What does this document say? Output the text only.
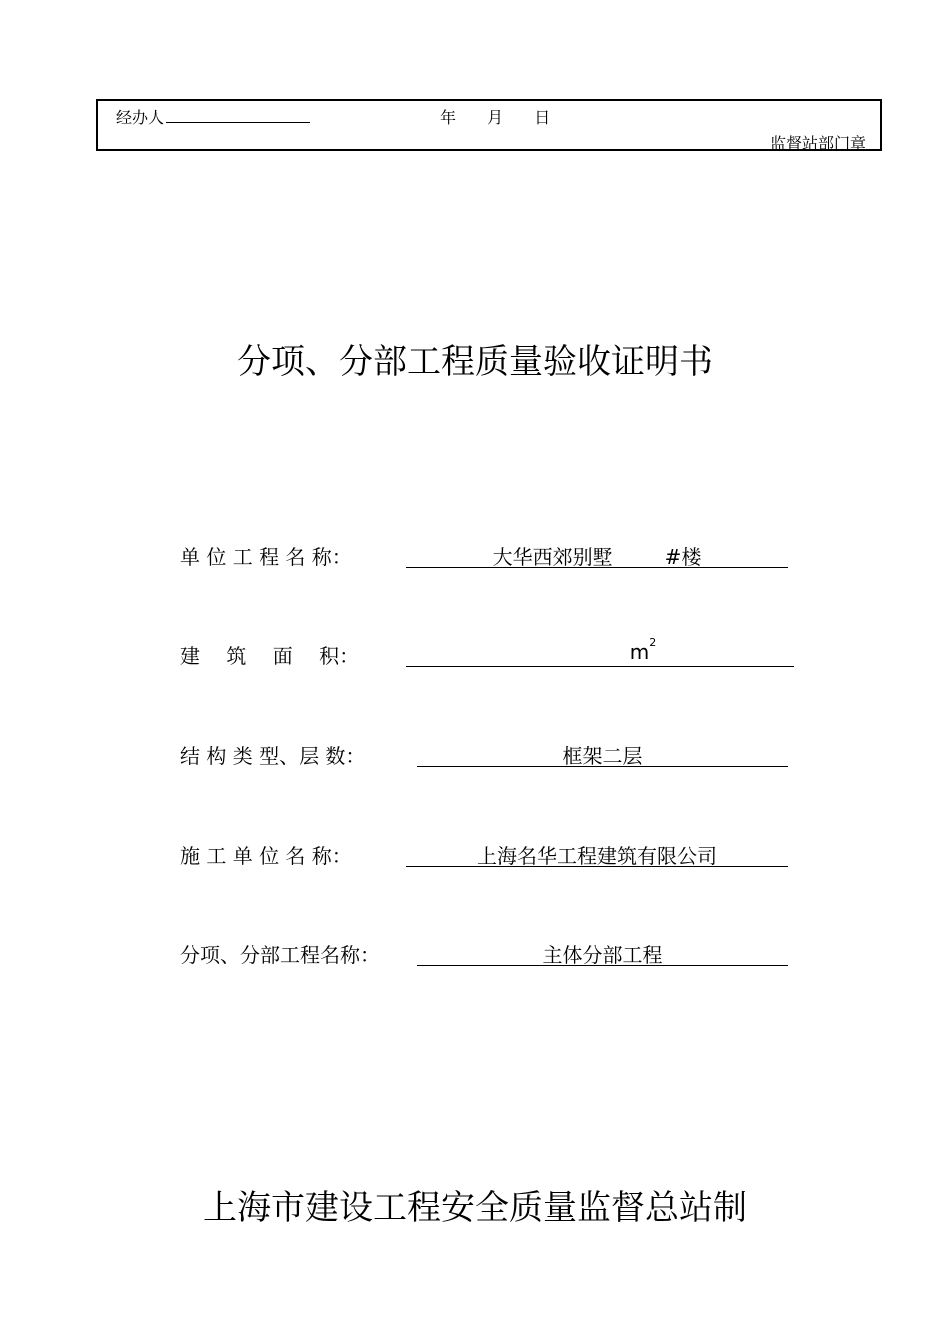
经办人	年 月 日
监督站部门章
分项、分部工程质量验收证明书
单 位 工 程 名 称：	大华西郊别墅	#楼
建　 筑　 面　 积：	$m^2$
结 构 类 型、层 数：	框架二层
施 工 单 位 名 称：	上海名华工程建筑有限公司
分项、分部工程名称：	主体分部工程
上海市建设工程安全质量监督总站制
